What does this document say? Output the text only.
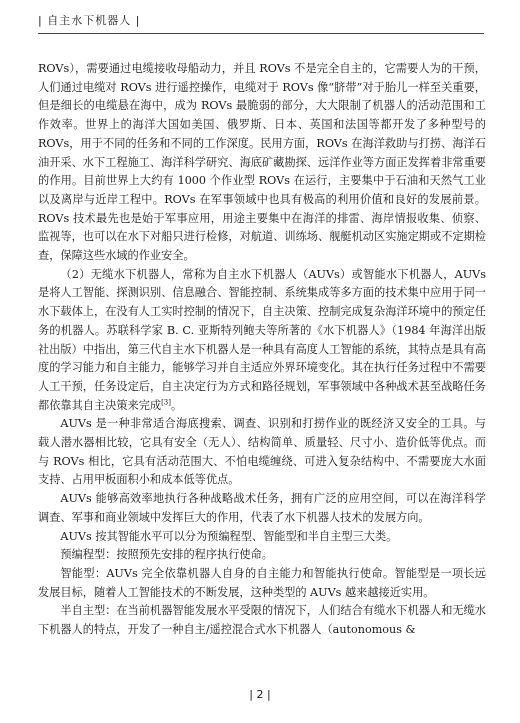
| 自主水下机器人 |

ROVs），需要通过电缆接收母船动力，并且 ROVs 不是完全自主的，它需要人为的干预，人们通过电缆对 ROVs 进行遥控操作，电缆对于 ROVs 像“脐带”对于胎儿一样至关重要，但是细长的电缆悬在海中，成为 ROVs 最脆弱的部分，大大限制了机器人的活动范围和工作效率。世界上的海洋大国如美国、俄罗斯、日本、英国和法国等都开发了多种型号的 ROVs，用于不同的任务和不同的工作深度。民用方面，ROVs 在海洋救助与打捞、海洋石油开采、水下工程施工、海洋科学研究、海底矿藏勘探、远洋作业等方面正发挥着非常重要的作用。目前世界上大约有 1000 个作业型 ROVs 在运行，主要集中于石油和天然气工业以及离岸与近岸工程中。ROVs 在军事领域中也具有极高的利用价值和良好的发展前景。ROVs 技术最先也是始于军事应用，用途主要集中在海洋的排雷、海岸情报收集、侦察、监视等，也可以在水下对船只进行检修，对航道、训练场、舰艇机动区实施定期或不定期检查，保障这些水域的作业安全。

（2）无缆水下机器人，常称为自主水下机器人（AUVs）或智能水下机器人，AUVs 是将人工智能、探测识别、信息融合、智能控制、系统集成等多方面的技术集中应用于同一水下载体上，在没有人工实时控制的情况下，自主决策、控制完成复杂海洋环境中的预定任务的机器人。苏联科学家 B. C. 亚斯特列鲍夫等所著的《水下机器人》（1984 年海洋出版社出版）中指出，第三代自主水下机器人是一种具有高度人工智能的系统，其特点是具有高度的学习能力和自主能力，能够学习并自主适应外界环境变化。其在执行任务过程中不需要人工干预，任务设定后，自主决定行为方式和路径规划，军事领域中各种战术甚至战略任务都依靠其自主决策来完成[3]。

AUVs 是一种非常适合海底搜索、调查、识别和打捞作业的既经济又安全的工具。与载人潜水器相比较，它具有安全（无人）、结构简单、质量轻、尺寸小、造价低等优点。而与 ROVs 相比，它具有活动范围大、不怕电缆缠绕、可进入复杂结构中、不需要庞大水面支持、占用甲板面积小和成本低等优点。

AUVs 能够高效率地执行各种战略战术任务，拥有广泛的应用空间，可以在海洋科学调查、军事和商业领域中发挥巨大的作用，代表了水下机器人技术的发展方向。

AUVs 按其智能水平可以分为预编程型、智能型和半自主型三大类。

预编程型：按照预先安排的程序执行使命。

智能型：AUVs 完全依靠机器人自身的自主能力和智能执行使命。智能型是一项长远发展目标，随着人工智能技术的不断发展，这种类型的 AUVs 越来越接近实用。

半自主型：在当前机器智能发展水平受限的情况下，人们结合有缆水下机器人和无缆水下机器人的特点，开发了一种自主/遥控混合式水下机器人（autonomous &

| 2 |
